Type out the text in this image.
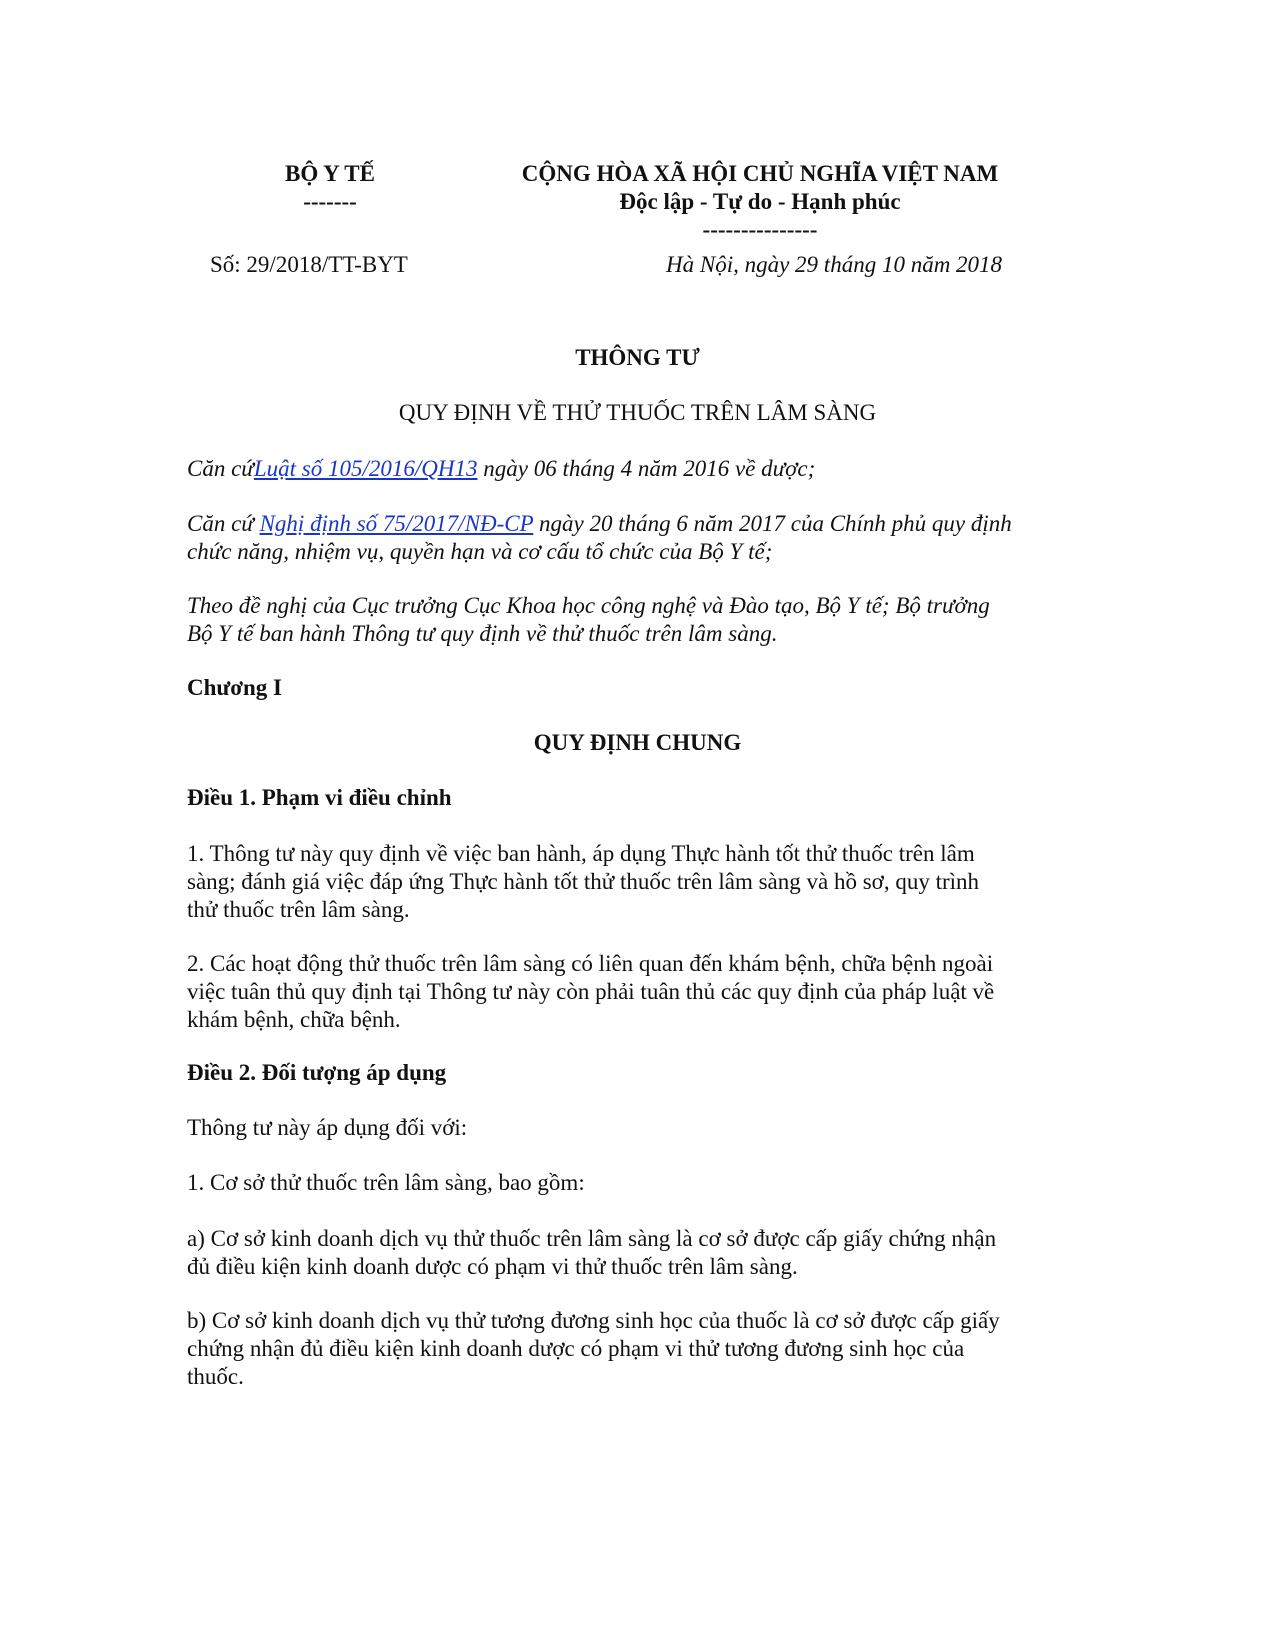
BỘ Y TẾ
-------
CỘNG HÒA XÃ HỘI CHỦ NGHĨA VIỆT NAM
Độc lập - Tự do - Hạnh phúc
---------------
Số: 29/2018/TT-BYT	Hà Nội, ngày 29 tháng 10 năm 2018
THÔNG TƯ
QUY ĐỊNH VỀ THỬ THUỐC TRÊN LÂM SÀNG
Căn cứLuật số 105/2016/QH13 ngày 06 tháng 4 năm 2016 về dược;
Căn cứ Nghị định số 75/2017/NĐ-CP ngày 20 tháng 6 năm 2017 của Chính phủ quy định
chức năng, nhiệm vụ, quyền hạn và cơ cấu tổ chức của Bộ Y tế;
Theo đề nghị của Cục trưởng Cục Khoa học công nghệ và Đào tạo, Bộ Y tế; Bộ trưởng
Bộ Y tế ban hành Thông tư quy định về thử thuốc trên lâm sàng.
Chương I
QUY ĐỊNH CHUNG
Điều 1. Phạm vi điều chỉnh
1. Thông tư này quy định về việc ban hành, áp dụng Thực hành tốt thử thuốc trên lâm
sàng; đánh giá việc đáp ứng Thực hành tốt thử thuốc trên lâm sàng và hồ sơ, quy trình
thử thuốc trên lâm sàng.
2. Các hoạt động thử thuốc trên lâm sàng có liên quan đến khám bệnh, chữa bệnh ngoài
việc tuân thủ quy định tại Thông tư này còn phải tuân thủ các quy định của pháp luật về
khám bệnh, chữa bệnh.
Điều 2. Đối tượng áp dụng
Thông tư này áp dụng đối với:
1. Cơ sở thử thuốc trên lâm sàng, bao gồm:
a) Cơ sở kinh doanh dịch vụ thử thuốc trên lâm sàng là cơ sở được cấp giấy chứng nhận
đủ điều kiện kinh doanh dược có phạm vi thử thuốc trên lâm sàng.
b) Cơ sở kinh doanh dịch vụ thử tương đương sinh học của thuốc là cơ sở được cấp giấy
chứng nhận đủ điều kiện kinh doanh dược có phạm vi thử tương đương sinh học của
thuốc.
